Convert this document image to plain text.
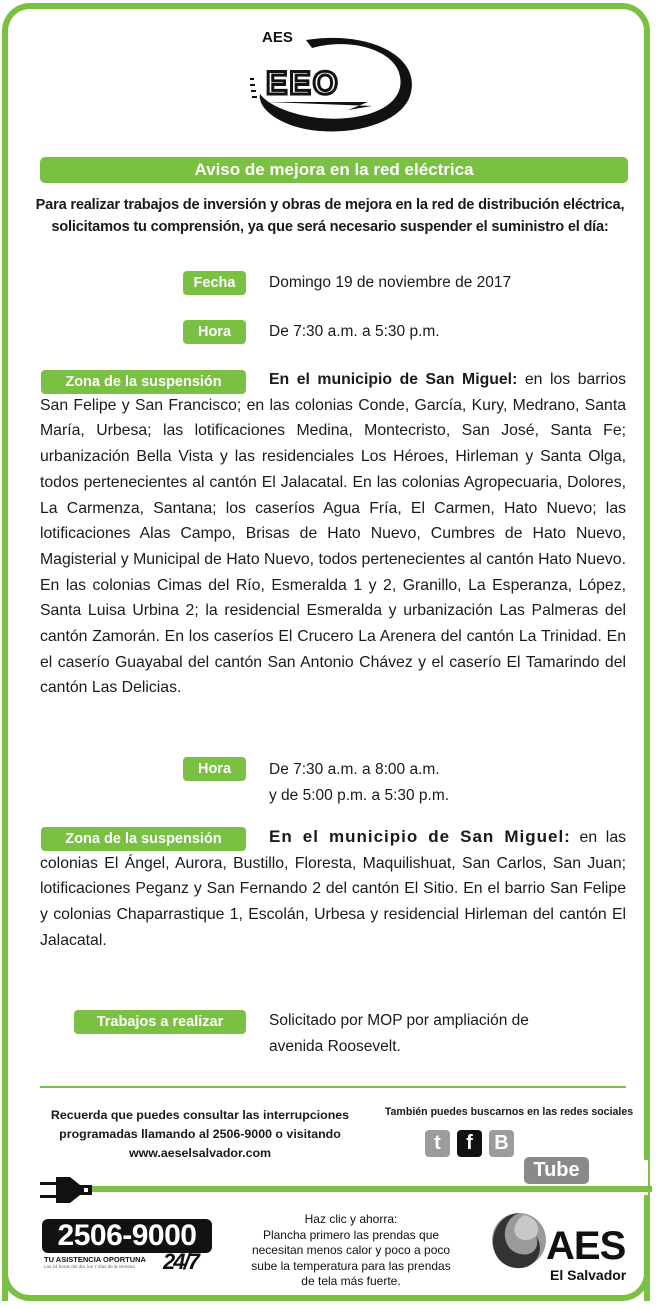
AES
EEO
Aviso de mejora en la red eléctrica
Para realizar trabajos de inversión y obras de mejora en la red de distribución eléctrica, solicitamos tu comprensión, ya que será necesario suspender el suministro el día:
Fecha	Domingo 19 de noviembre de 2017
Hora	De 7:30 a.m. a 5:30 p.m.
Zona de la suspensión	En el municipio de San Miguel: en los barrios San Felipe y San Francisco; en las colonias Conde, García, Kury, Medrano, Santa María, Urbesa; las lotificaciones Medina, Montecristo, San José, Santa Fe; urbanización Bella Vista y las residenciales Los Héroes, Hirleman y Santa Olga, todos pertenecientes al cantón El Jalacatal. En las colonias Agropecuaria, Dolores, La Carmenza, Santana; los caseríos Agua Fría, El Carmen, Hato Nuevo; las lotificaciones Alas Campo, Brisas de Hato Nuevo, Cumbres de Hato Nuevo, Magisterial y Municipal de Hato Nuevo, todos pertenecientes al cantón Hato Nuevo. En las colonias Cimas del Río, Esmeralda 1 y 2, Granillo, La Esperanza, López, Santa Luisa Urbina 2; la residencial Esmeralda y urbanización Las Palmeras del cantón Zamorán. En los caseríos El Crucero La Arenera del cantón La Trinidad. En el caserío Guayabal del cantón San Antonio Chávez y el caserío El Tamarindo del cantón Las Delicias.
Hora	De 7:30 a.m. a 8:00 a.m.
y de 5:00 p.m. a 5:30 p.m.
Zona de la suspensión	En el municipio de San Miguel: en las colonias El Ángel, Aurora, Bustillo, Floresta, Maquilishuat, San Carlos, San Juan; lotificaciones Peganz y San Fernando 2 del cantón El Sitio. En el barrio San Felipe y colonias Chaparrastique 1, Escolán, Urbesa y residencial Hirleman del cantón El Jalacatal.
Trabajos a realizar	Solicitado por MOP por ampliación de
avenida Roosevelt.
Recuerda que puedes consultar las interrupciones
programadas llamando al 2506-9000 o visitando
www.aeselsalvador.com
También puedes buscarnos en las redes sociales
t	f	B	You
Tube
2506-9000
TU ASISTENCIA OPORTUNA
Las 24 horas del día, los 7 días de la semana 24/7
Haz clic y ahorra:
Plancha primero las prendas que
necesitan menos calor y poco a poco
sube la temperatura para las prendas
de tela más fuerte.
AES
El Salvador
